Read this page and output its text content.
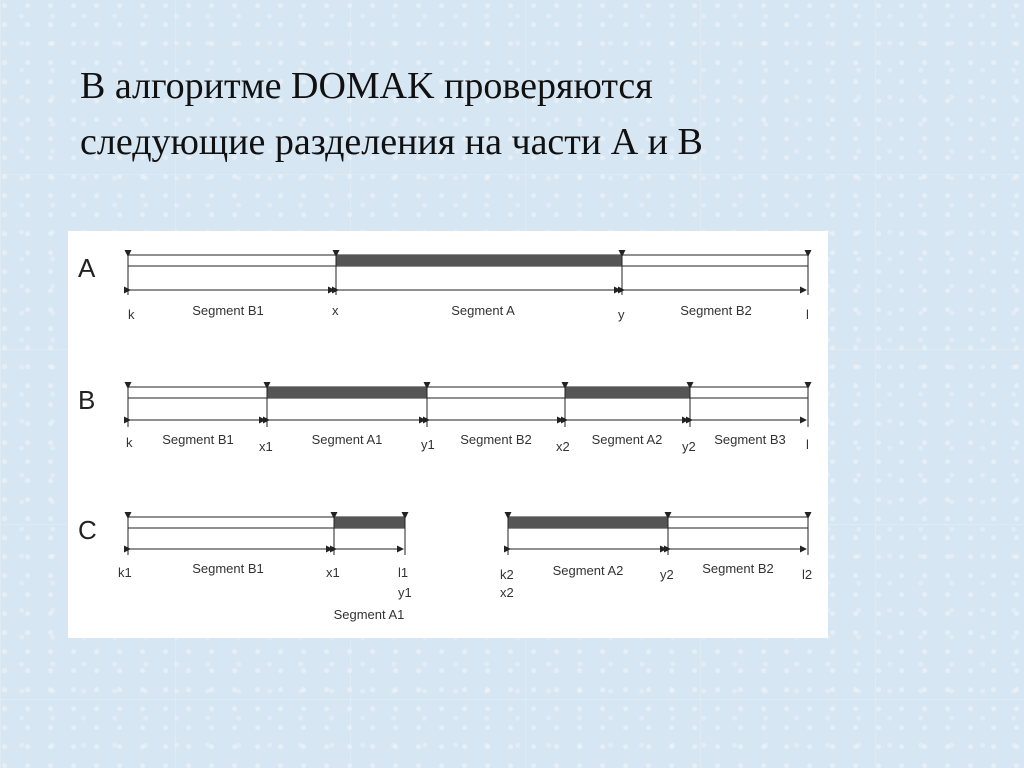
В алгоритме DOMAK проверяются
следующие разделения на части А и В
A
k	x	y	l
Segment B1	Segment A	Segment B2
B
k	x1	y1	x2	y2	l
Segment B1	Segment A1	Segment B2	Segment A2	Segment B3
C
k1	x1	l1
y1
Segment B1
Segment A1
k2
x2
y2	l2
Segment A2	Segment B2
